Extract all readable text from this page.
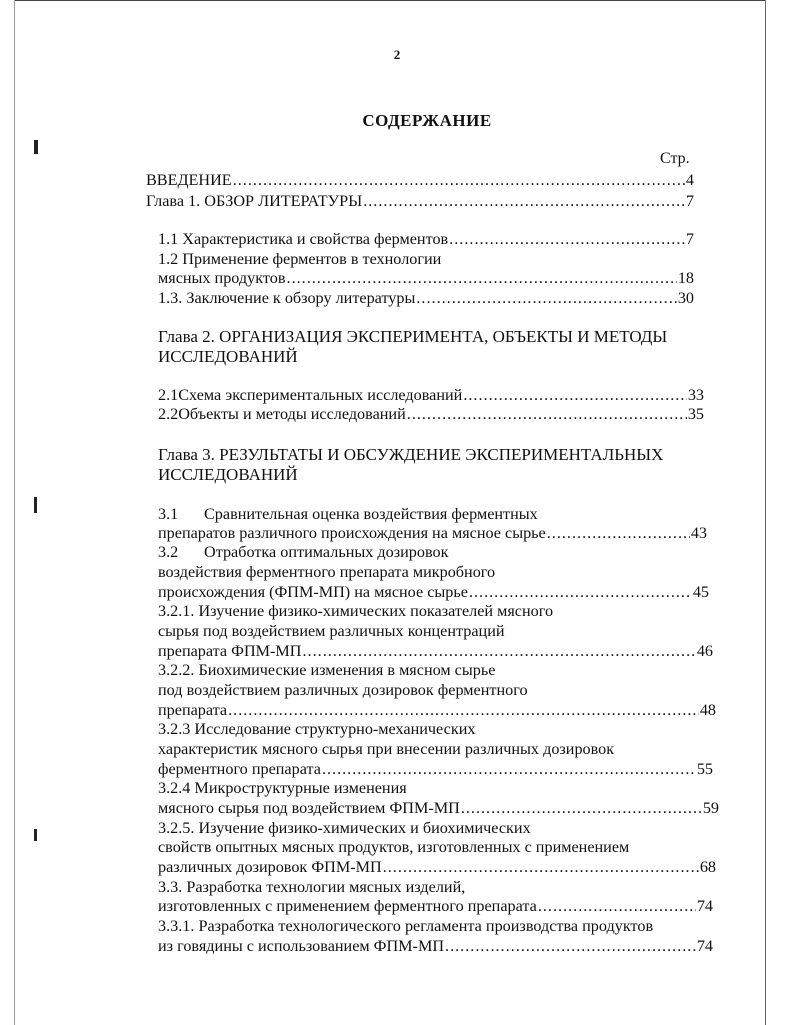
2
СОДЕРЖАНИЕ
Стр.
ВВЕДЕНИЕ .....	4
Глава 1. ОБЗОР ЛИТЕРАТУРЫ .....	7
1.1 Характеристика и свойства ферментов .....	7
1.2 Применение ферментов в технологии
мясных продуктов .....	18
1.3. Заключение к обзору литературы .....	30
Глава 2. ОРГАНИЗАЦИЯ ЭКСПЕРИМЕНТА, ОБЪЕКТЫ И МЕТОДЫ
ИССЛЕДОВАНИЙ
2.1 Схема экспериментальных исследований .....	33
2.2 Объекты и методы исследований .....	35
Глава 3. РЕЗУЛЬТАТЫ И ОБСУЖДЕНИЕ ЭКСПЕРИМЕНТАЛЬНЫХ
ИССЛЕДОВАНИЙ
3.1 Сравнительная оценка воздействия ферментных
препаратов различного происхождения на мясное сырье .....	43
3.2 Отработка оптимальных дозировок
воздействия ферментного препарата микробного
происхождения (ФПМ-МП) на мясное сырье .....	45
3.2.1. Изучение физико-химических показателей мясного
сырья под воздействием различных концентраций
препарата ФПМ-МП .....	46
3.2.2. Биохимические изменения в мясном сырье
под воздействием различных дозировок ферментного
препарата .....	48
3.2.3 Исследование структурно-механических
характеристик мясного сырья при внесении различных дозировок
ферментного препарата .....	55
3.2.4 Микроструктурные изменения
мясного сырья под воздействием ФПМ-МП .....	59
3.2.5. Изучение физико-химических и биохимических
свойств опытных мясных продуктов, изготовленных с применением
различных дозировок ФПМ-МП .....	68
3.3. Разработка технологии мясных изделий,
изготовленных с применением ферментного препарата .....	74
3.3.1. Разработка технологического регламента производства продуктов
из говядины с использованием ФПМ-МП .....	74
